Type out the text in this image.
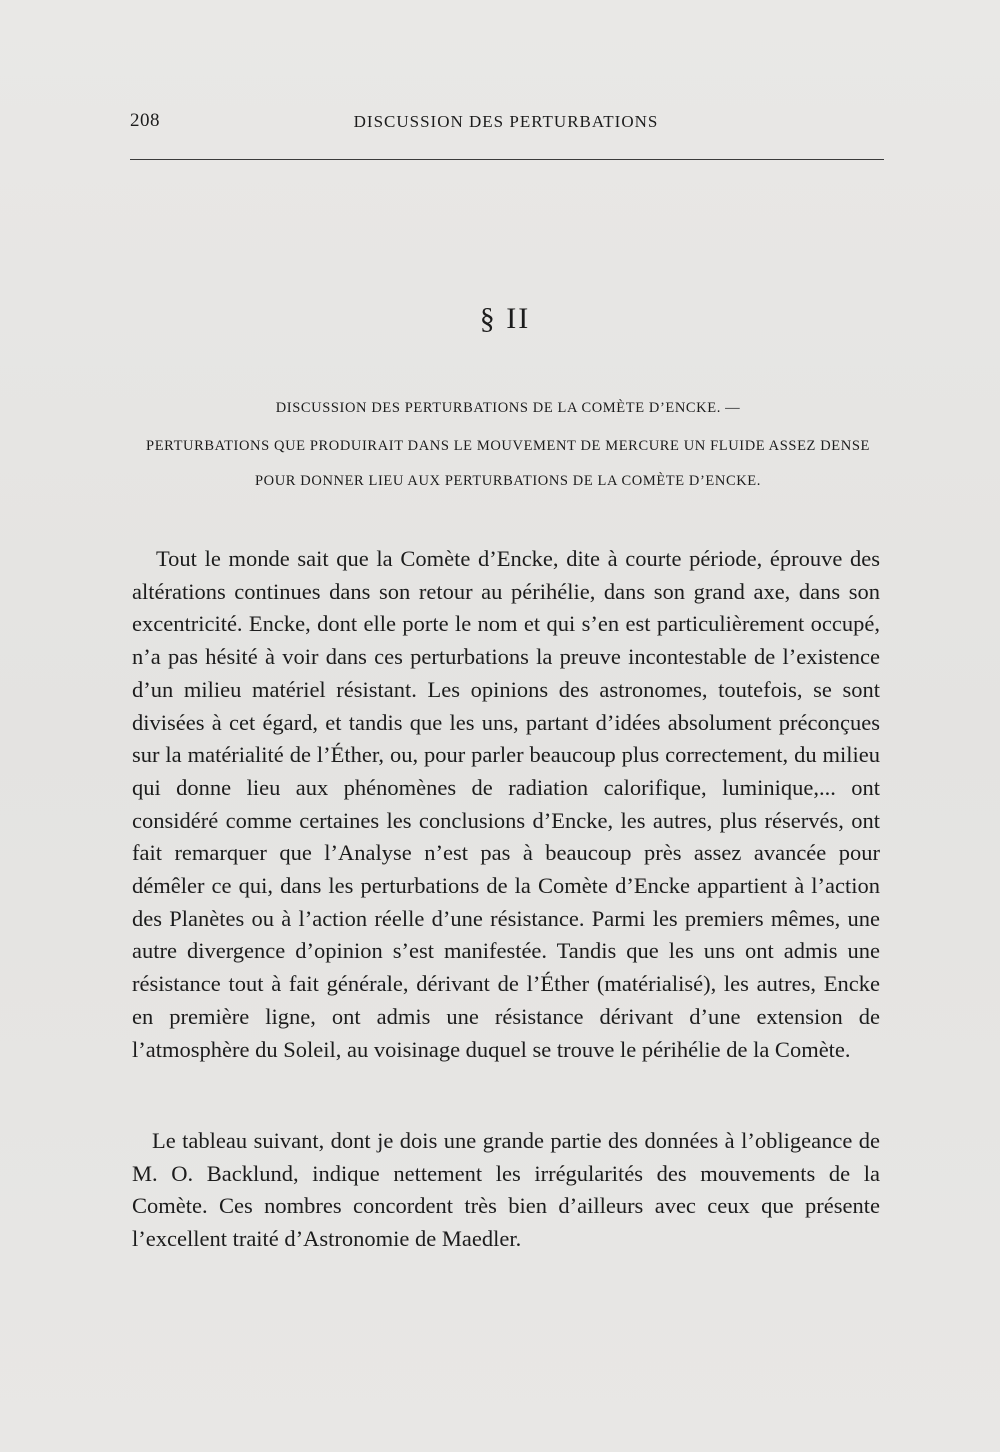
208	DISCUSSION DES PERTURBATIONS
§ II
DISCUSSION DES PERTURBATIONS DE LA COMÈTE D’ENCKE. —
PERTURBATIONS QUE PRODUIRAIT DANS LE MOUVEMENT DE MERCURE UN FLUIDE ASSEZ DENSE
POUR DONNER LIEU AUX PERTURBATIONS DE LA COMÈTE D’ENCKE.

Tout le monde sait que la Comète d’Encke, dite à courte période, éprouve des altérations continues dans son retour au périhélie, dans son grand axe, dans son excentricité. Encke, dont elle porte le nom et qui s’en est particulièrement occupé, n’a pas hésité à voir dans ces perturbations la preuve incontestable de l’existence d’un milieu matériel résistant. Les opinions des astronomes, toutefois, se sont divisées à cet égard, et tandis que les uns, partant d’idées absolument préconçues sur la matérialité de l’Éther, ou, pour parler beaucoup plus correctement, du milieu qui donne lieu aux phénomènes de radiation calorifique, luminique,... ont considéré comme certaines les conclusions d’Encke, les autres, plus réservés, ont fait remarquer que l’Analyse n’est pas à beaucoup près assez avancée pour démêler ce qui, dans les perturbations de la Comète d’Encke appartient à l’action des Planètes ou à l’action réelle d’une résistance. Parmi les premiers mêmes, une autre divergence d’opinion s’est manifestée. Tandis que les uns ont admis une résistance tout à fait générale, dérivant de l’Éther (matérialisé), les autres, Encke en première ligne, ont admis une résistance dérivant d’une extension de l’atmosphère du Soleil, au voisinage duquel se trouve le périhélie de la Comète.

Le tableau suivant, dont je dois une grande partie des données à l’obligeance de M. O. Backlund, indique nettement les irrégularités des mouvements de la Comète. Ces nombres concordent très bien d’ailleurs avec ceux que présente l’excellent traité d’Astronomie de Maedler.
